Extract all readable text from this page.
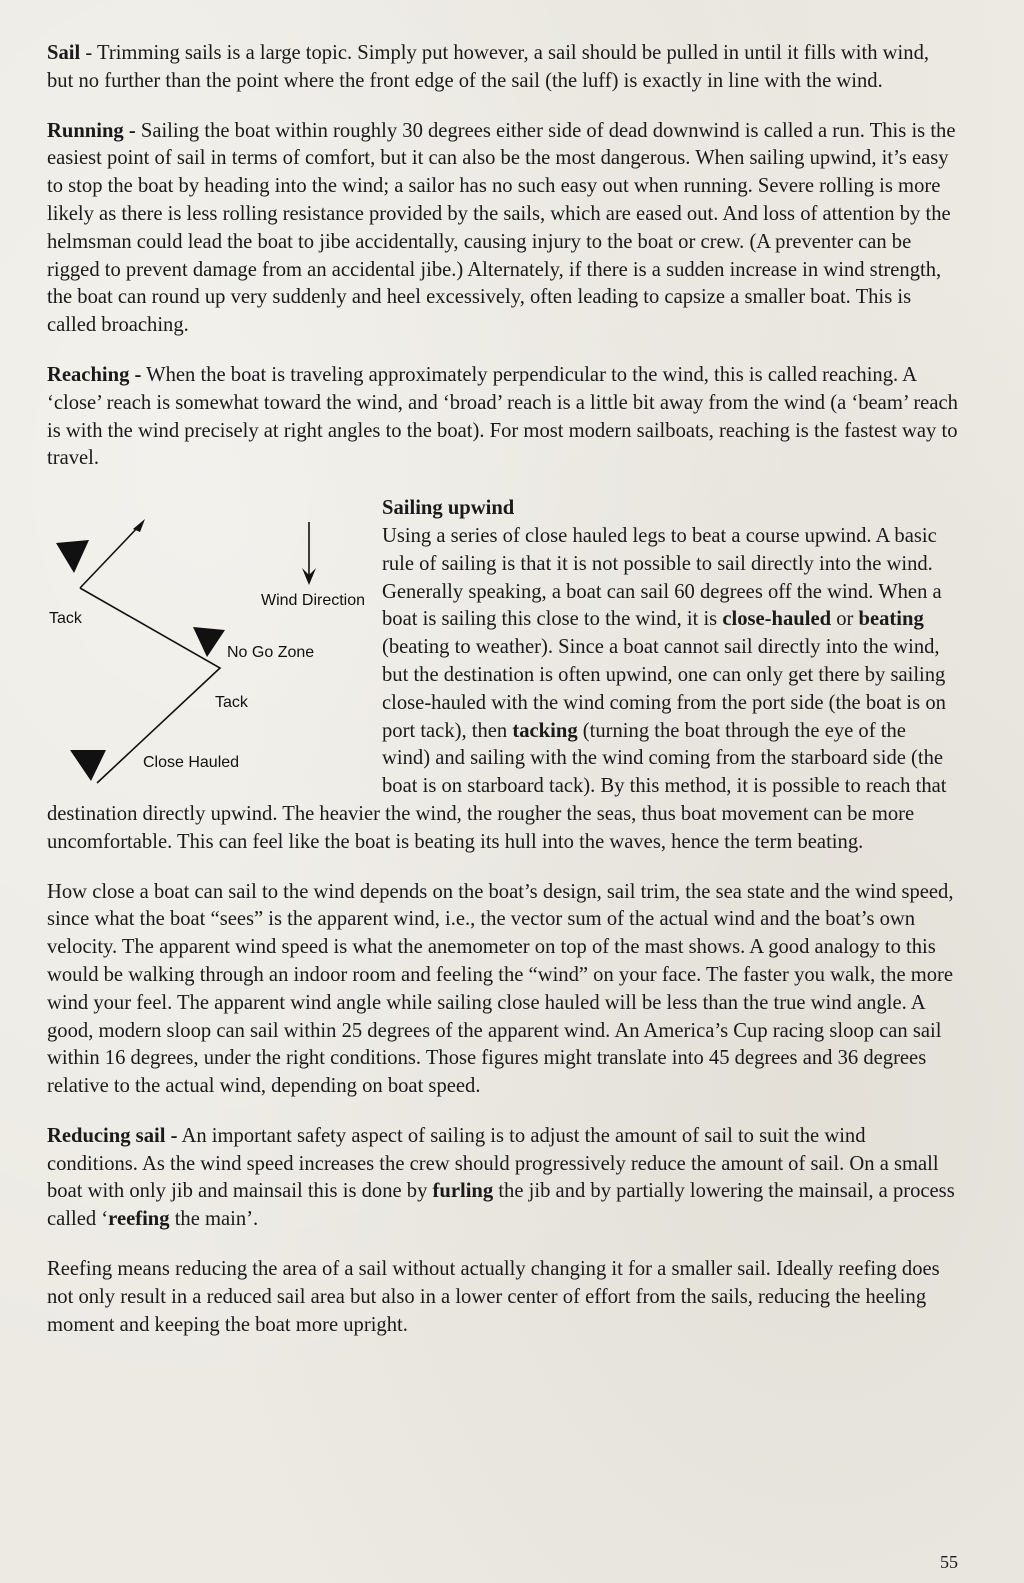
Sail - Trimming sails is a large topic. Simply put however, a sail should be pulled in until it fills with wind, but no further than the point where the front edge of the sail (the luff) is exactly in line with the wind.

Running - Sailing the boat within roughly 30 degrees either side of dead downwind is called a run. This is the easiest point of sail in terms of comfort, but it can also be the most dangerous. When sailing upwind, it’s easy to stop the boat by heading into the wind; a sailor has no such easy out when running. Severe rolling is more likely as there is less rolling resistance provided by the sails, which are eased out. And loss of attention by the helmsman could lead the boat to jibe accidentally, causing injury to the boat or crew. (A preventer can be rigged to prevent damage from an accidental jibe.) Alternately, if there is a sudden increase in wind strength, the boat can round up very suddenly and heel excessively, often leading to capsize a smaller boat. This is called broaching.

Reaching - When the boat is traveling approximately perpendicular to the wind, this is called reaching. A ‘close’ reach is somewhat toward the wind, and ‘broad’ reach is a little bit away from the wind (a ‘beam’ reach is with the wind precisely at right angles to the boat). For most modern sailboats, reaching is the fastest way to travel.

Tack
Wind Direction
No Go Zone
Tack
Close Hauled

Sailing upwind
Using a series of close hauled legs to beat a course upwind. A basic rule of sailing is that it is not possible to sail directly into the wind. Generally speaking, a boat can sail 60 degrees off the wind. When a boat is sailing this close to the wind, it is close-hauled or beating (beating to weather). Since a boat cannot sail directly into the wind, but the destination is often upwind, one can only get there by sailing close-hauled with the wind coming from the port side (the boat is on port tack), then tacking (turning the boat through the eye of the wind) and sailing with the wind coming from the starboard side (the boat is on starboard tack). By this method, it is possible to reach that destination directly upwind. The heavier the wind, the rougher the seas, thus boat movement can be more uncomfortable. This can feel like the boat is beating its hull into the waves, hence the term beating.

How close a boat can sail to the wind depends on the boat’s design, sail trim, the sea state and the wind speed, since what the boat “sees” is the apparent wind, i.e., the vector sum of the actual wind and the boat’s own velocity. The apparent wind speed is what the anemometer on top of the mast shows. A good analogy to this would be walking through an indoor room and feeling the “wind” on your face. The faster you walk, the more wind your feel. The apparent wind angle while sailing close hauled will be less than the true wind angle. A good, modern sloop can sail within 25 degrees of the apparent wind. An America’s Cup racing sloop can sail within 16 degrees, under the right conditions. Those figures might translate into 45 degrees and 36 degrees relative to the actual wind, depending on boat speed.

Reducing sail - An important safety aspect of sailing is to adjust the amount of sail to suit the wind conditions. As the wind speed increases the crew should progressively reduce the amount of sail. On a small boat with only jib and mainsail this is done by furling the jib and by partially lowering the mainsail, a process called ‘reefing the main’.

Reefing means reducing the area of a sail without actually changing it for a smaller sail. Ideally reefing does not only result in a reduced sail area but also in a lower center of effort from the sails, reducing the heeling moment and keeping the boat more upright.

55
